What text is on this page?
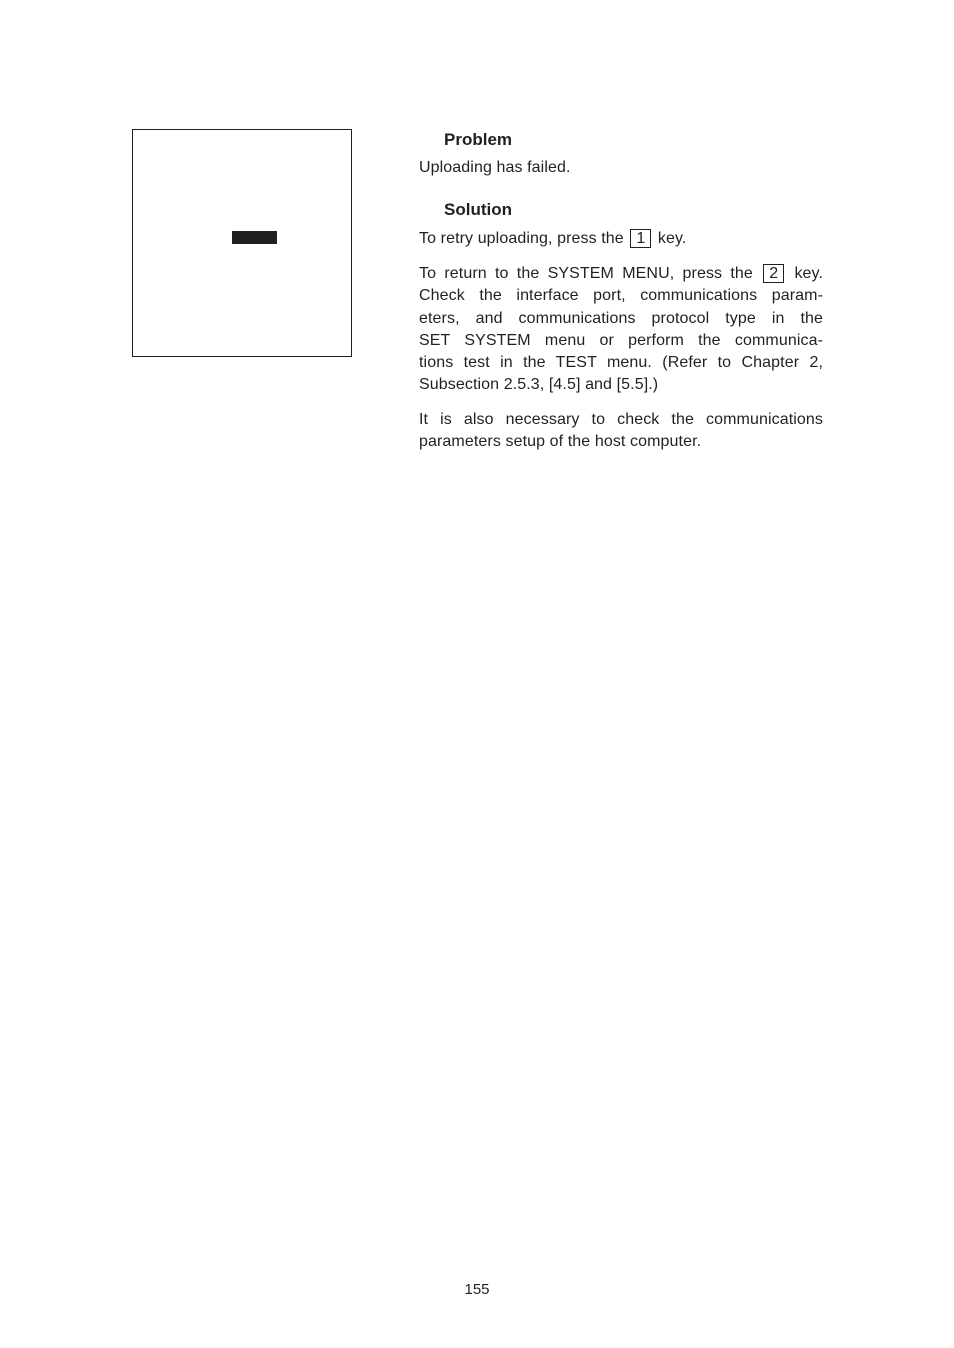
Problem

Uploading has failed.

Solution

To retry uploading, press the 1 key.

To return to the SYSTEM MENU, press the 2 key.
Check the interface port, communications param-
eters, and communications protocol type in the
SET SYSTEM menu or perform the communica-
tions test in the TEST menu. (Refer to Chapter 2,
Subsection 2.5.3, [4.5] and [5.5].)

It is also necessary to check the communications
parameters setup of the host computer.

155
